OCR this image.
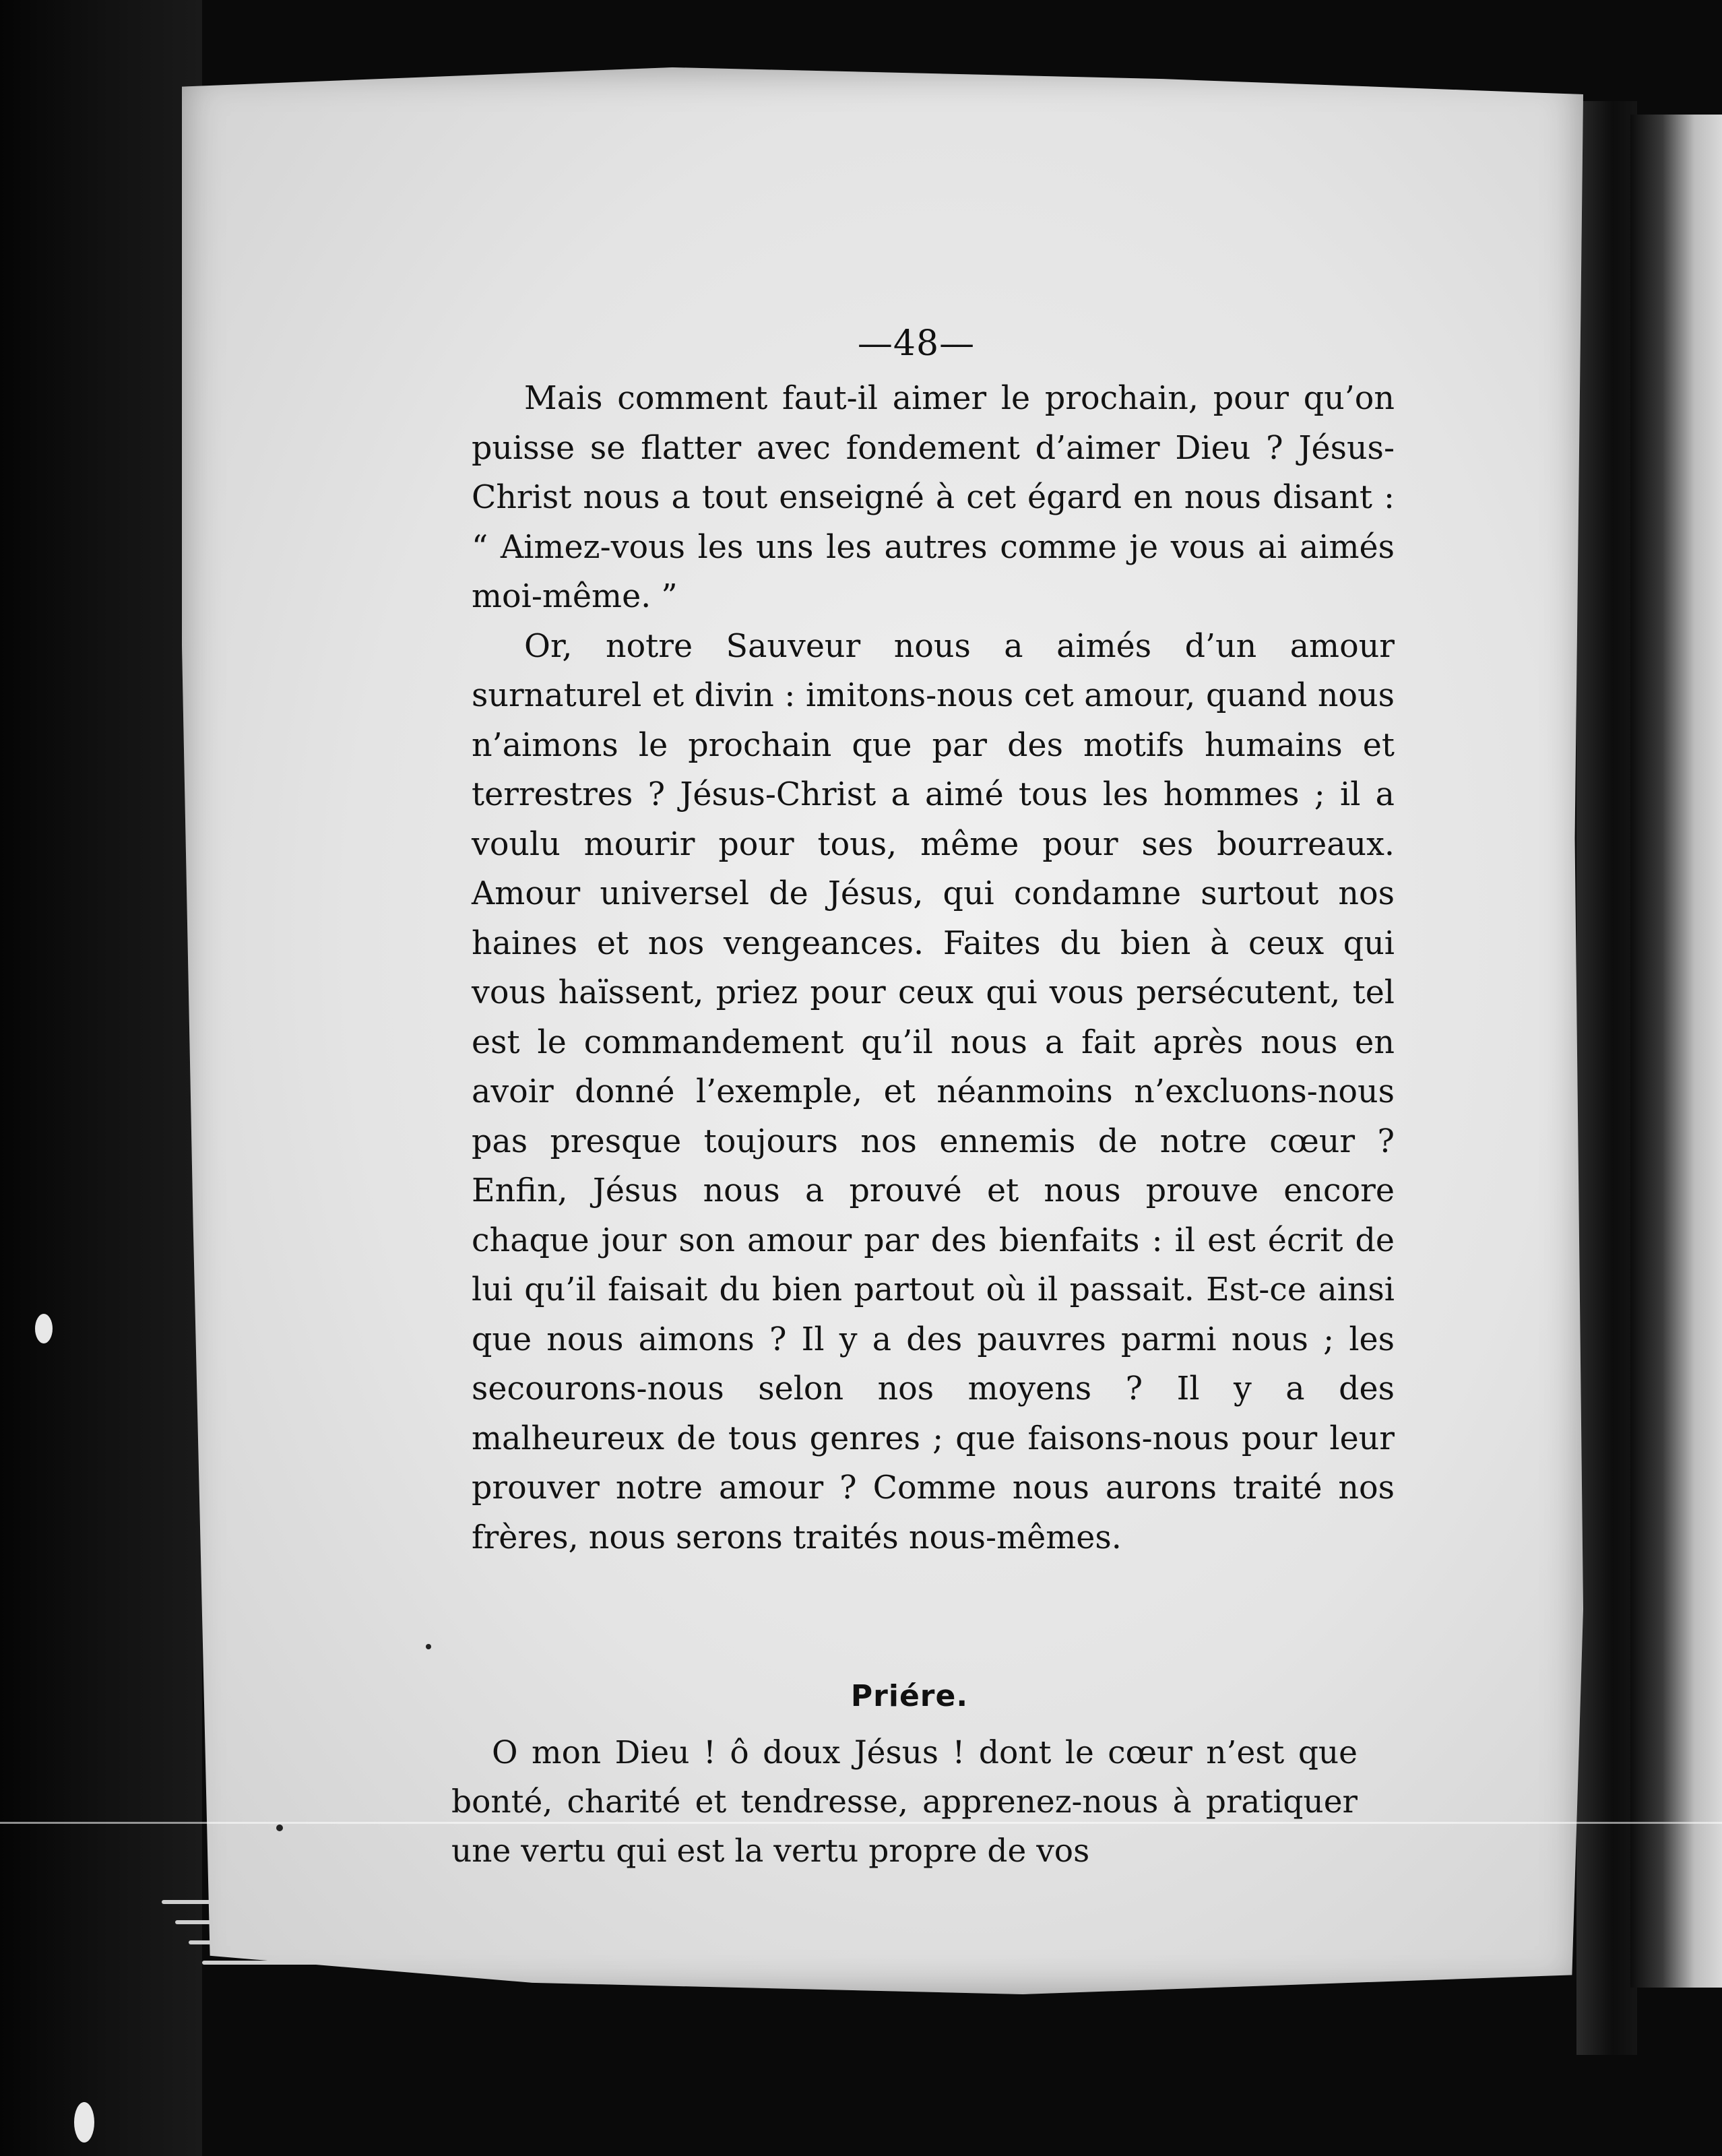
—48—

Mais comment faut-il aimer le prochain, pour qu’on puisse se flatter avec fondement d’aimer Dieu ? Jésus-Christ nous a tout enseigné à cet égard en nous disant : “ Aimez-vous les uns les autres comme je vous ai aimés moi-même. ”

Or, notre Sauveur nous a aimés d’un amour surnaturel et divin : imitons-nous cet amour, quand nous n’aimons le prochain que par des motifs humains et terrestres ? Jésus-Christ a aimé tous les hommes ; il a voulu mourir pour tous, même pour ses bourreaux. Amour universel de Jésus, qui condamne surtout nos haines et nos vengeances. Faites du bien à ceux qui vous haïssent, priez pour ceux qui vous persécutent, tel est le commandement qu’il nous a fait après nous en avoir donné l’exemple, et néanmoins n’excluons-nous pas presque toujours nos ennemis de notre cœur ? Enfin, Jésus nous a prouvé et nous prouve encore chaque jour son amour par des bienfaits : il est écrit de lui qu’il faisait du bien partout où il passait. Est-ce ainsi que nous aimons ? Il y a des pauvres parmi nous ; les secourons-nous selon nos moyens ? Il y a des malheureux de tous genres ; que faisons-nous pour leur prouver notre amour ? Comme nous aurons traité nos frères, nous serons traités nous-mêmes.

Priére.

O mon Dieu ! ô doux Jésus ! dont le cœur n’est que bonté, charité et tendresse, apprenez-nous à pratiquer une vertu qui est la vertu propre de vos
